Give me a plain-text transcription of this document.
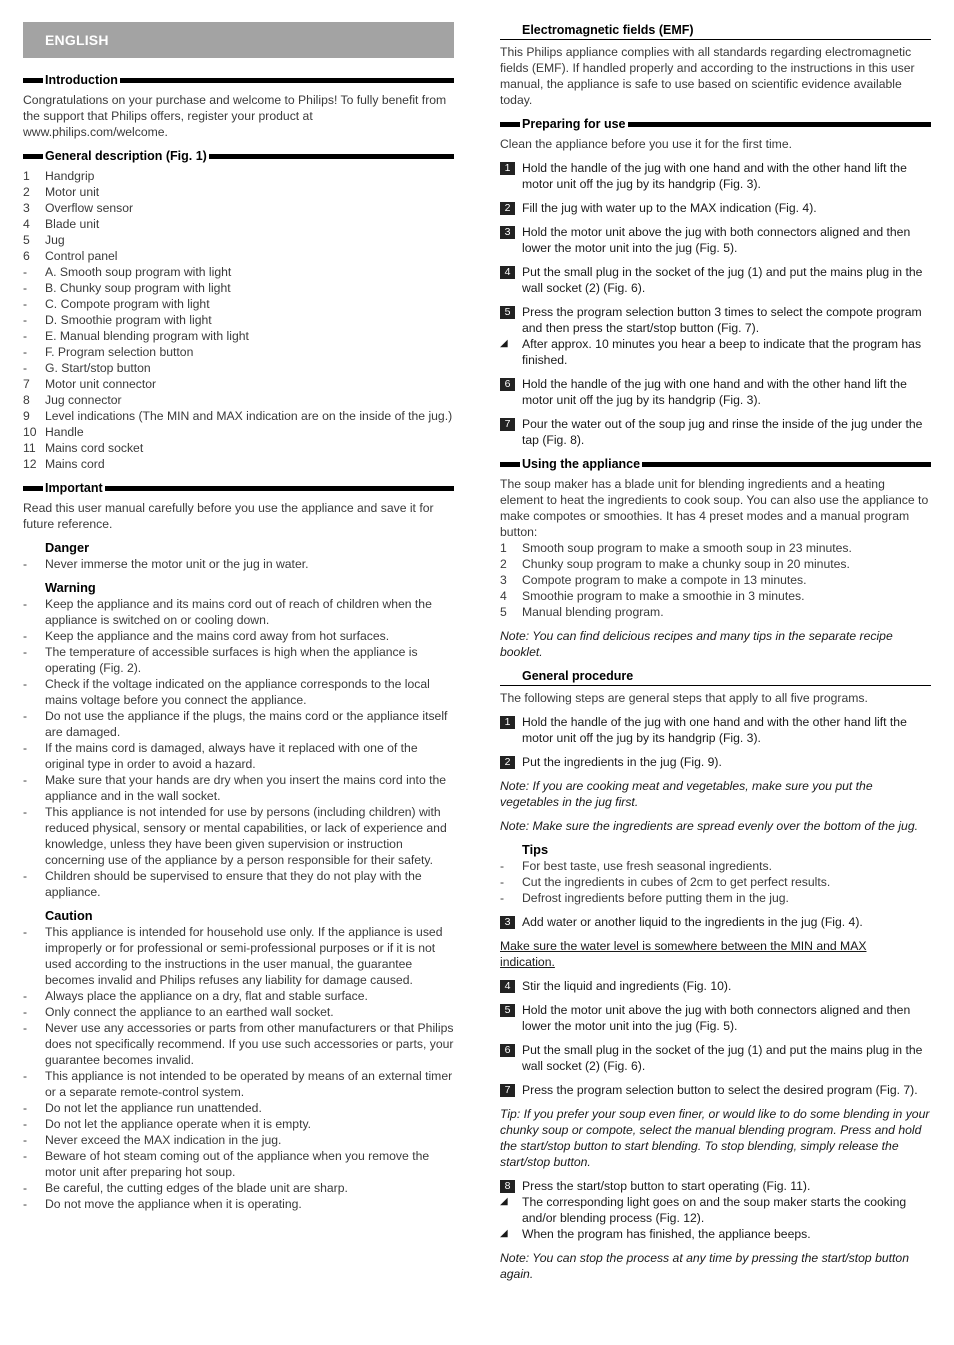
ENGLISH
Introduction

Congratulations on your purchase and welcome to Philips! To fully benefit from the support that Philips offers, register your product at www.philips.com/welcome.

General description (Fig. 1)
1	Handgrip
2	Motor unit
3	Overflow sensor
4	Blade unit
5	Jug
6	Control panel
-	A. Smooth soup program with light
-	B. Chunky soup program with light
-	C. Compote program with light
-	D. Smoothie program with light
-	E. Manual blending program with light
-	F. Program selection button
-	G. Start/stop button
7	Motor unit connector
8	Jug connector
9	Level indications (The MIN and MAX indication are on the inside of the jug.)
10 Handle
11 Mains cord socket
12 Mains cord
Important

Read this user manual carefully before you use the appliance and save it for future reference.

Danger
-	Never immerse the motor unit or the jug in water.
Warning
-	Keep the appliance and its mains cord out of reach of children when the appliance is switched on or cooling down.
-	Keep the appliance and the mains cord away from hot surfaces.
-	The temperature of accessible surfaces is high when the appliance is operating (Fig. 2).
-	Check if the voltage indicated on the appliance corresponds to the local mains voltage before you connect the appliance.
-	Do not use the appliance if the plugs, the mains cord or the appliance itself are damaged.
-	If the mains cord is damaged, always have it replaced with one of the original type in order to avoid a hazard.
-	Make sure that your hands are dry when you insert the mains cord into the appliance and in the wall socket.
-	This appliance is not intended for use by persons (including children) with reduced physical, sensory or mental capabilities, or lack of experience and knowledge, unless they have been given supervision or instruction concerning use of the appliance by a person responsible for their safety.
-	Children should be supervised to ensure that they do not play with the appliance.
Caution
-	This appliance is intended for household use only. If the appliance is used improperly or for professional or semi-professional purposes or if it is not used according to the instructions in the user manual, the guarantee becomes invalid and Philips refuses any liability for damage caused.
-	Always place the appliance on a dry, flat and stable surface.
-	Only connect the appliance to an earthed wall socket.
-	Never use any accessories or parts from other manufacturers or that Philips does not specifically recommend. If you use such accessories or parts, your guarantee becomes invalid.
-	This appliance is not intended to be operated by means of an external timer or a separate remote-control system.
-	Do not let the appliance run unattended.
-	Do not let the appliance operate when it is empty.
-	Never exceed the MAX indication in the jug.
-	Beware of hot steam coming out of the appliance when you remove the motor unit after preparing hot soup.
-	Be careful, the cutting edges of the blade unit are sharp.
-	Do not move the appliance when it is operating.
Electromagnetic fields (EMF)

This Philips appliance complies with all standards regarding electromagnetic fields (EMF). If handled properly and according to the instructions in this user manual, the appliance is safe to use based on scientific evidence available today.

Preparing for use

Clean the appliance before you use it for the first time.

1 Hold the handle of the jug with one hand and with the other hand lift the motor unit off the jug by its handgrip (Fig. 3).
2 Fill the jug with water up to the MAX indication (Fig. 4).
3 Hold the motor unit above the jug with both connectors aligned and then lower the motor unit into the jug (Fig. 5).
4 Put the small plug in the socket of the jug (1) and put the mains plug in the wall socket (2) (Fig. 6).
5 Press the program selection button 3 times to select the compote program and then press the start/stop button (Fig. 7).
◢	After approx. 10 minutes you hear a beep to indicate that the program has finished.
6 Hold the handle of the jug with one hand and with the other hand lift the motor unit off the jug by its handgrip (Fig. 3).
7 Pour the water out of the soup jug and rinse the inside of the jug under the tap (Fig. 8).
Using the appliance

The soup maker has a blade unit for blending ingredients and a heating element to heat the ingredients to cook soup. You can also use the appliance to make compotes or smoothies. It has 4 preset modes and a manual program button:

1	Smooth soup program to make a smooth soup in 23 minutes.
2	Chunky soup program to make a chunky soup in 20 minutes.
3	Compote program to make a compote in 13 minutes.
4	Smoothie program to make a smoothie in 3 minutes.
5	Manual blending program.

Note: You can find delicious recipes and many tips in the separate recipe booklet.

General procedure

The following steps are general steps that apply to all five programs.

1 Hold the handle of the jug with one hand and with the other hand lift the motor unit off the jug by its handgrip (Fig. 3).
2 Put the ingredients in the jug (Fig. 9).

Note: If you are cooking meat and vegetables, make sure you put the vegetables in the jug first.

Note: Make sure the ingredients are spread evenly over the bottom of the jug.

Tips
-	For best taste, use fresh seasonal ingredients.
-	Cut the ingredients in cubes of 2cm to get perfect results.
-	Defrost ingredients before putting them in the jug.
3 Add water or another liquid to the ingredients in the jug (Fig. 4).

Make sure the water level is somewhere between the MIN and MAX indication.

4 Stir the liquid and ingredients (Fig. 10).
5 Hold the motor unit above the jug with both connectors aligned and then lower the motor unit into the jug (Fig. 5).
6 Put the small plug in the socket of the jug (1) and put the mains plug in the wall socket (2) (Fig. 6).
7 Press the program selection button to select the desired program (Fig. 7).

Tip: If you prefer your soup even finer, or would like to do some blending in your chunky soup or compote, select the manual blending program. Press and hold the start/stop button to start blending. To stop blending, simply release the start/stop button.

8 Press the start/stop button to start operating (Fig. 11).
◢	The corresponding light goes on and the soup maker starts the cooking and/or blending process (Fig. 12).
◢	When the program has finished, the appliance beeps.

Note: You can stop the process at any time by pressing the start/stop button again.
